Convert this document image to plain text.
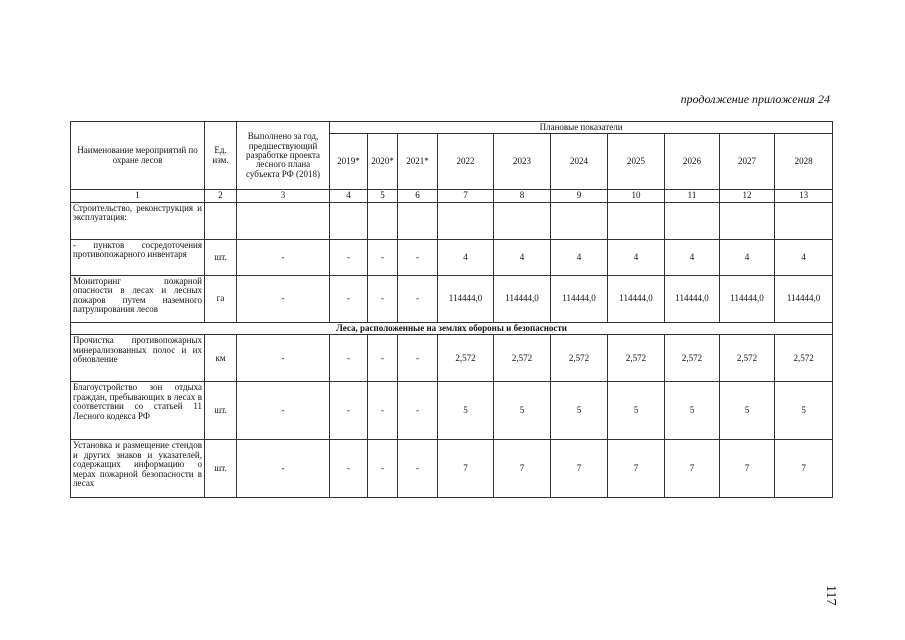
продолжение приложения 24
Наименование мероприятий по охране лесов	Ед. изм.	Выполнено за год, предшествующий разработке проекта лесного плана субъекта РФ (2018)	Плановые показатели									
			2019*	2020*	2021*	2022	2023	2024	2025	2026	2027	2028
1	2	3	4	5	6	7	8	9	10	11	12	13
Строительство, реконструкция и эксплуатация:												
- пунктов сосредоточения противопожарного инвентаря	шт.	-	-	-	-	4	4	4	4	4	4	4
Мониторинг пожарной опасности в лесах и лесных пожаров путем наземного патрулирования лесов	га	-	-	-	-	114444,0	114444,0	114444,0	114444,0	114444,0	114444,0	114444,0
Леса, расположенные на землях обороны и безопасности												
Прочистка противопожарных минерализованных полос и их обновление	км	-	-	-	-	2,572	2,572	2,572	2,572	2,572	2,572	2,572
Благоустройство зон отдыха граждан, пребывающих в лесах в соответствии со статьей 11 Лесного кодекса РФ	шт.	-	-	-	-	5	5	5	5	5	5	5
Установка и размещение стендов и других знаков и указателей, содержащих информацию о мерах пожарной безопасности в лесах	шт.	-	-	-	-	7	7	7	7	7	7	7
117
